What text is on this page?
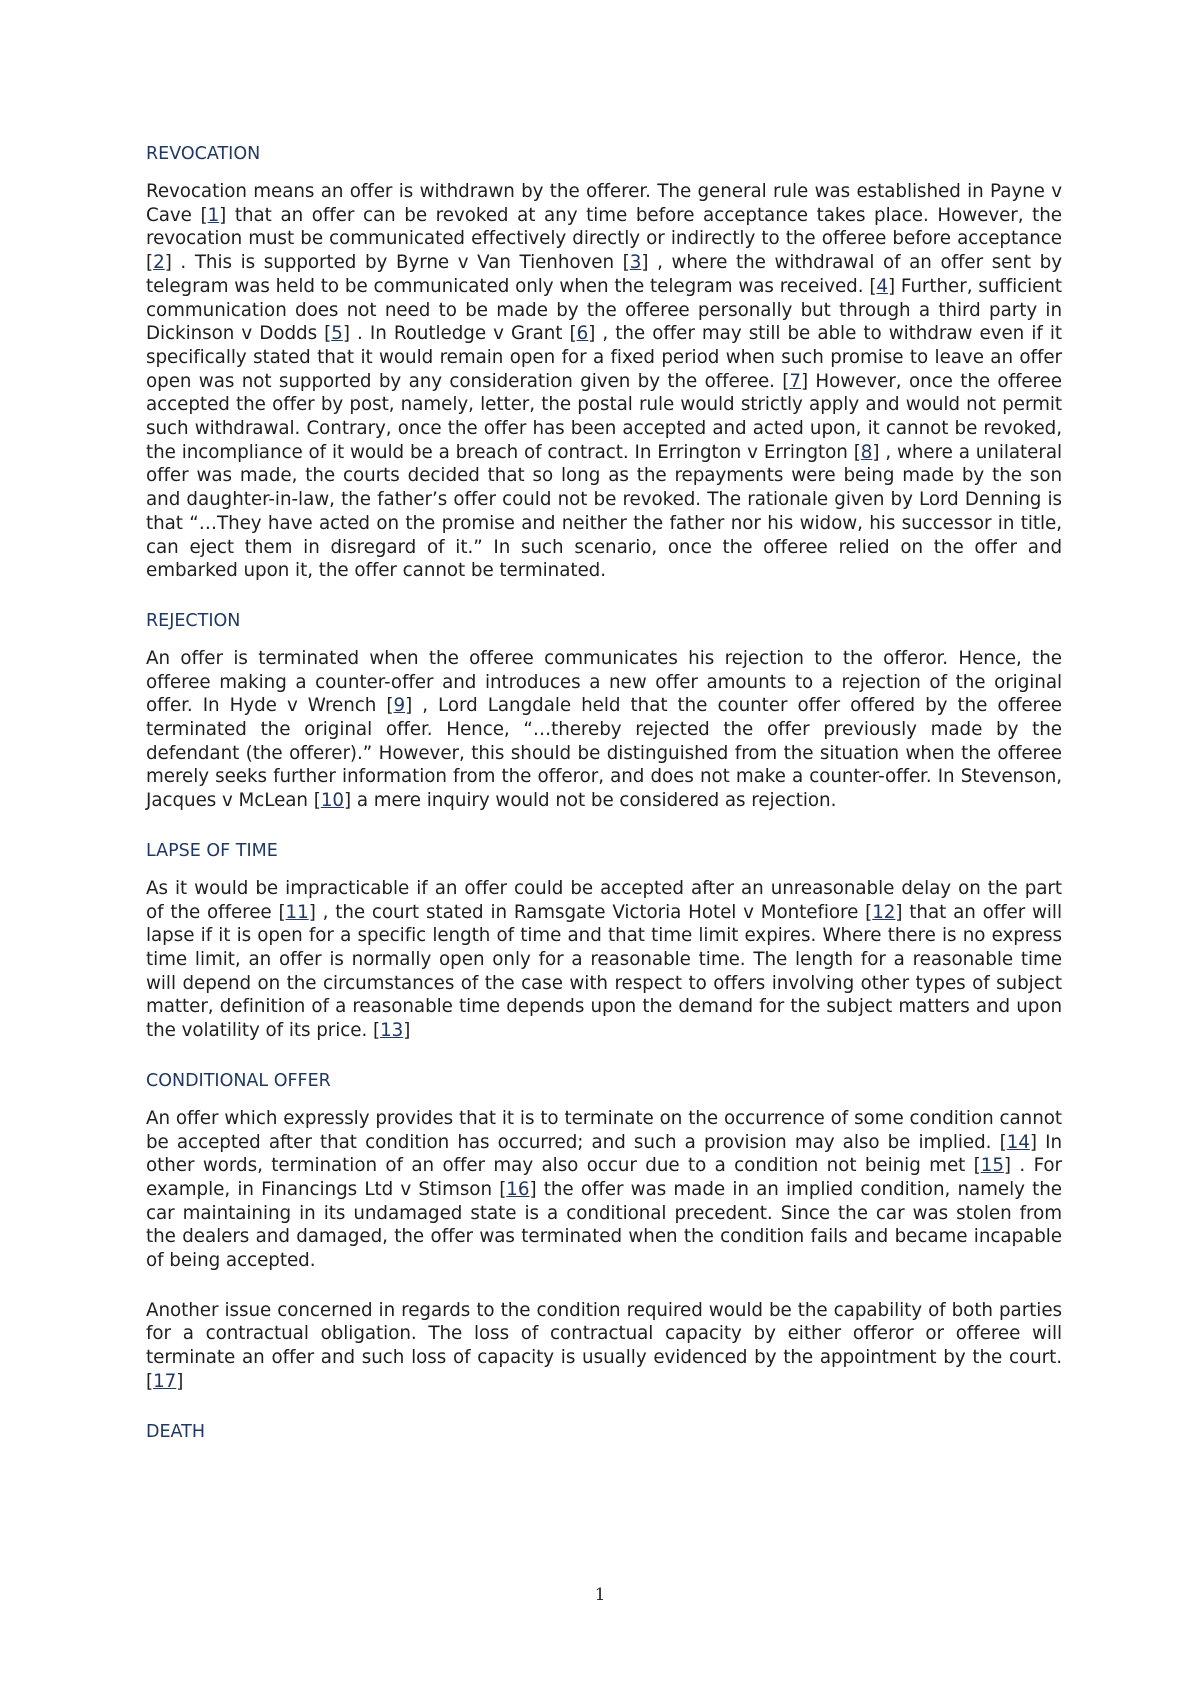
REVOCATION

Revocation means an offer is withdrawn by the offerer. The general rule was established in Payne v Cave [1] that an offer can be revoked at any time before acceptance takes place. However, the revocation must be communicated effectively directly or indirectly to the offeree before acceptance [2] . This is supported by Byrne v Van Tienhoven [3] , where the withdrawal of an offer sent by telegram was held to be communicated only when the telegram was received. [4] Further, sufficient communication does not need to be made by the offeree personally but through a third party in Dickinson v Dodds [5] . In Routledge v Grant [6] , the offer may still be able to withdraw even if it specifically stated that it would remain open for a fixed period when such promise to leave an offer open was not supported by any consideration given by the offeree. [7] However, once the offeree accepted the offer by post, namely, letter, the postal rule would strictly apply and would not permit such withdrawal. Contrary, once the offer has been accepted and acted upon, it cannot be revoked, the incompliance of it would be a breach of contract. In Errington v Errington [8] , where a unilateral offer was made, the courts decided that so long as the repayments were being made by the son and daughter-in-law, the father’s offer could not be revoked. The rationale given by Lord Denning is that “…They have acted on the promise and neither the father nor his widow, his successor in title, can eject them in disregard of it.” In such scenario, once the offeree relied on the offer and embarked upon it, the offer cannot be terminated.

REJECTION

An offer is terminated when the offeree communicates his rejection to the offeror. Hence, the offeree making a counter-offer and introduces a new offer amounts to a rejection of the original offer. In Hyde v Wrench [9] , Lord Langdale held that the counter offer offered by the offeree terminated the original offer. Hence, “…thereby rejected the offer previously made by the defendant (the offerer).” However, this should be distinguished from the situation when the offeree merely seeks further information from the offeror, and does not make a counter-offer. In Stevenson, Jacques v McLean [10] a mere inquiry would not be considered as rejection.

LAPSE OF TIME

As it would be impracticable if an offer could be accepted after an unreasonable delay on the part of the offeree [11] , the court stated in Ramsgate Victoria Hotel v Montefiore [12] that an offer will lapse if it is open for a specific length of time and that time limit expires. Where there is no express time limit, an offer is normally open only for a reasonable time. The length for a reasonable time will depend on the circumstances of the case with respect to offers involving other types of subject matter, definition of a reasonable time depends upon the demand for the subject matters and upon the volatility of its price. [13]

CONDITIONAL OFFER

An offer which expressly provides that it is to terminate on the occurrence of some condition cannot be accepted after that condition has occurred; and such a provision may also be implied. [14] In other words, termination of an offer may also occur due to a condition not beinig met [15] . For example, in Financings Ltd v Stimson [16] the offer was made in an implied condition, namely the car maintaining in its undamaged state is a conditional precedent. Since the car was stolen from the dealers and damaged, the offer was terminated when the condition fails and became incapable of being accepted.

Another issue concerned in regards to the condition required would be the capability of both parties for a contractual obligation. The loss of contractual capacity by either offeror or offeree will terminate an offer and such loss of capacity is usually evidenced by the appointment by the court. [17]

DEATH
1
